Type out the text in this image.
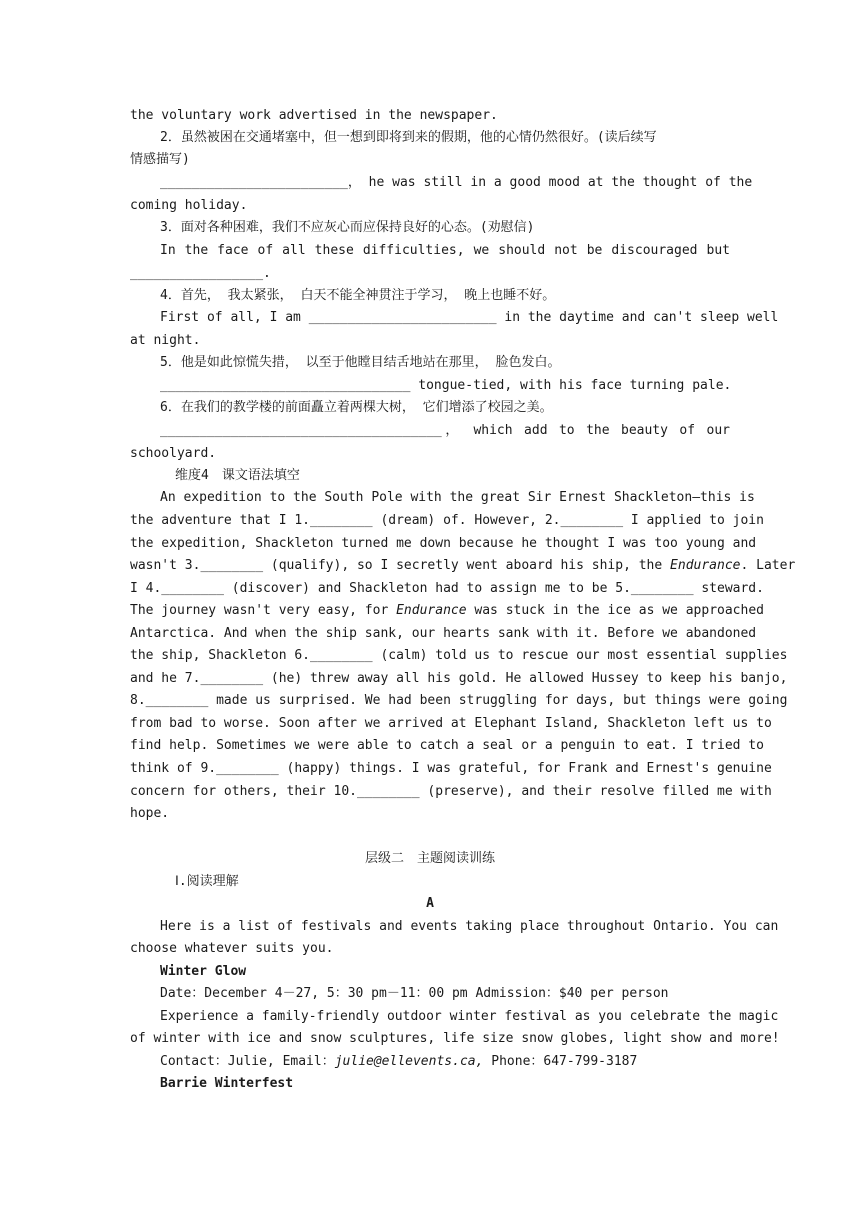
the voluntary work advertised in the newspaper.
2．虽然被困在交通堵塞中，但一想到即将到来的假期，他的心情仍然很好。(读后续写
情感描写)
________________________， he was still in a good mood at the thought of the
coming holiday.
3．面对各种困难，我们不应灰心而应保持良好的心态。(劝慰信)
In the face of all these difficulties, we should not be discouraged but
_________________.
4．首先， 我太紧张， 白天不能全神贯注于学习， 晚上也睡不好。
First of all, I am ________________________ in the daytime and can't sleep well
at night.
5．他是如此惊慌失措， 以至于他瞠目结舌地站在那里， 脸色发白。
________________________________ tongue-tied, with his face turning pale.
6．在我们的教学楼的前面矗立着两棵大树， 它们增添了校园之美。
____________________________________， which add to the beauty of our
schoolyard.
维度4　课文语法填空
An expedition to the South Pole with the great Sir Ernest Shackleton—this is
the adventure that I 1.________ (dream) of. However, 2.________ I applied to join
the expedition, Shackleton turned me down because he thought I was too young and
wasn't 3.________ (qualify), so I secretly went aboard his ship, the Endurance. Later
I 4.________ (discover) and Shackleton had to assign me to be 5.________ steward.
The journey wasn't very easy, for Endurance was stuck in the ice as we approached
Antarctica. And when the ship sank, our hearts sank with it. Before we abandoned
the ship, Shackleton 6.________ (calm) told us to rescue our most essential supplies
and he 7.________ (he) threw away all his gold. He allowed Hussey to keep his banjo,
8.________ made us surprised. We had been struggling for days, but things were going
from bad to worse. Soon after we arrived at Elephant Island, Shackleton left us to
find help. Sometimes we were able to catch a seal or a penguin to eat. I tried to
think of 9.________ (happy) things. I was grateful, for Frank and Ernest's genuine
concern for others, their 10.________ (preserve), and their resolve filled me with
hope.
层级二　主题阅读训练
Ⅰ.阅读理解
A
Here is a list of festivals and events taking place throughout Ontario. You can
choose whatever suits you.
Winter Glow
Date：December 4－27, 5：30 pm－11：00 pm Admission：$40 per person
Experience a family-friendly outdoor winter festival as you celebrate the magic
of winter with ice and snow sculptures, life size snow globes, light show and more!
Contact：Julie, Email：julie@ellevents.ca, Phone：647-799-3187
Barrie Winterfest
